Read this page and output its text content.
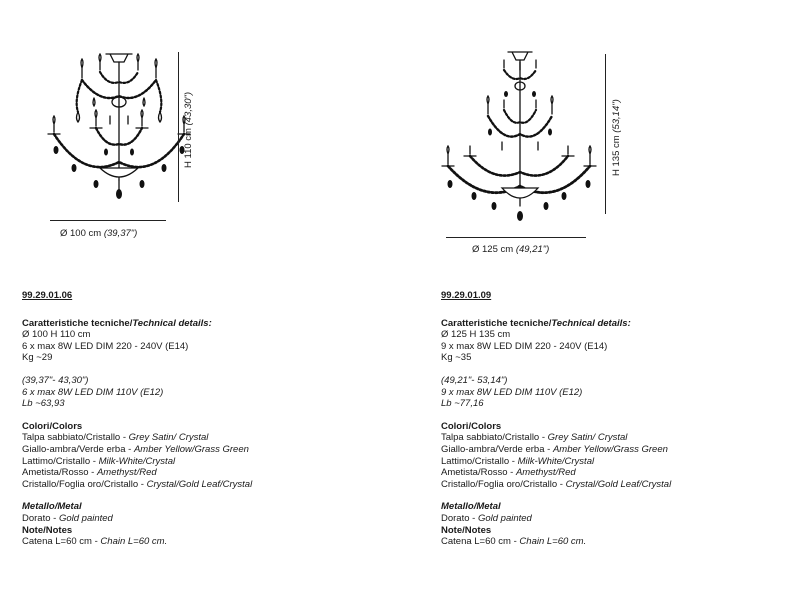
Ø 100 cm (39,37")
H 110 cm (43,30")
Ø 125 cm (49,21")
H 135 cm (53,14")
99.29.01.06
Caratteristiche tecniche/Technical details:
Ø 100 H 110 cm
6 x max 8W LED DIM 220 - 240V (E14)
Kg ~29
(39,37"- 43,30")
6 x max 8W LED DIM 110V (E12)
Lb ~63,93
Colori/Colors
Talpa sabbiato/Cristallo - Grey Satin/ Crystal
Giallo-ambra/Verde erba - Amber Yellow/Grass Green
Lattimo/Cristallo - Milk-White/Crystal
Ametista/Rosso - Amethyst/Red
Cristallo/Foglia oro/Cristallo - Crystal/Gold Leaf/Crystal
Metallo/Metal
Dorato - Gold painted
Note/Notes
Catena L=60 cm - Chain L=60 cm.
99.29.01.09
Caratteristiche tecniche/Technical details:
Ø 125 H 135 cm
9 x max 8W LED DIM 220 - 240V (E14)
Kg ~35
(49,21"- 53,14")
9 x max 8W LED DIM 110V (E12)
Lb ~77,16
Colori/Colors
Talpa sabbiato/Cristallo - Grey Satin/ Crystal
Giallo-ambra/Verde erba - Amber Yellow/Grass Green
Lattimo/Cristallo - Milk-White/Crystal
Ametista/Rosso - Amethyst/Red
Cristallo/Foglia oro/Cristallo - Crystal/Gold Leaf/Crystal
Metallo/Metal
Dorato - Gold painted
Note/Notes
Catena L=60 cm - Chain L=60 cm.
